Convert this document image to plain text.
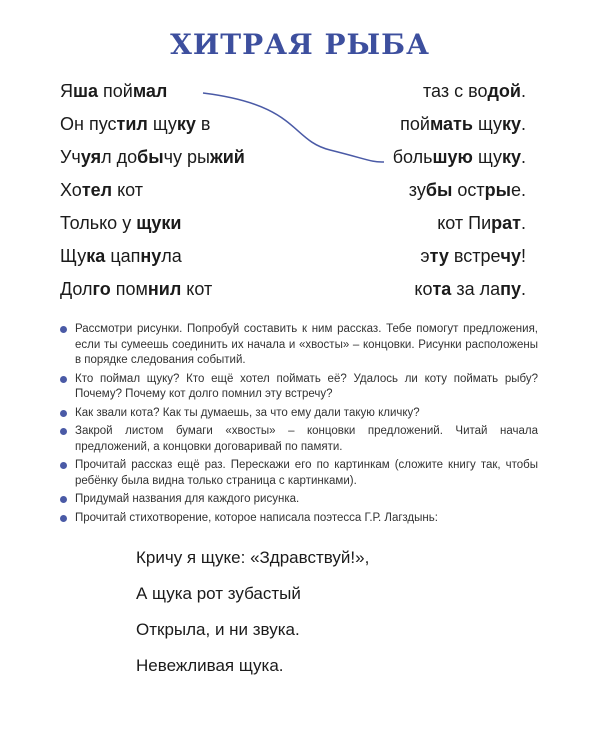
ХИТРАЯ РЫБА
Яша поймал
Он пустил щуку в
Учуял добычу рыжий
Хотел кот
Только у щуки
Щука цапнула
Долго помнил кот
таз с водой.
поймать щуку.
большую щуку.
зубы острые.
кот Пират.
эту встречу!
кота за лапу.
Рассмотри рисунки. Попробуй составить к ним рассказ. Тебе помогут предложения, если ты сумеешь соединить их начала и «хвосты» – концовки. Рисунки расположены в порядке следования событий.
Кто поймал щуку? Кто ещё хотел поймать её? Удалось ли коту поймать рыбу? Почему? Почему кот долго помнил эту встречу?
Как звали кота? Как ты думаешь, за что ему дали такую кличку?
Закрой листом бумаги «хвосты» – концовки предложений. Читай начала предложений, а концовки договаривай по памяти.
Прочитай рассказ ещё раз. Перескажи его по картинкам (сложите книгу так, чтобы ребёнку была видна только страница с картинками).
Придумай названия для каждого рисунка.
Прочитай стихотворение, которое написала поэтесса Г.Р. Лагздынь:
Кричу я щуке: «Здравствуй!»,
А щука рот зубастый
Открыла, и ни звука.
Невежливая щука.
